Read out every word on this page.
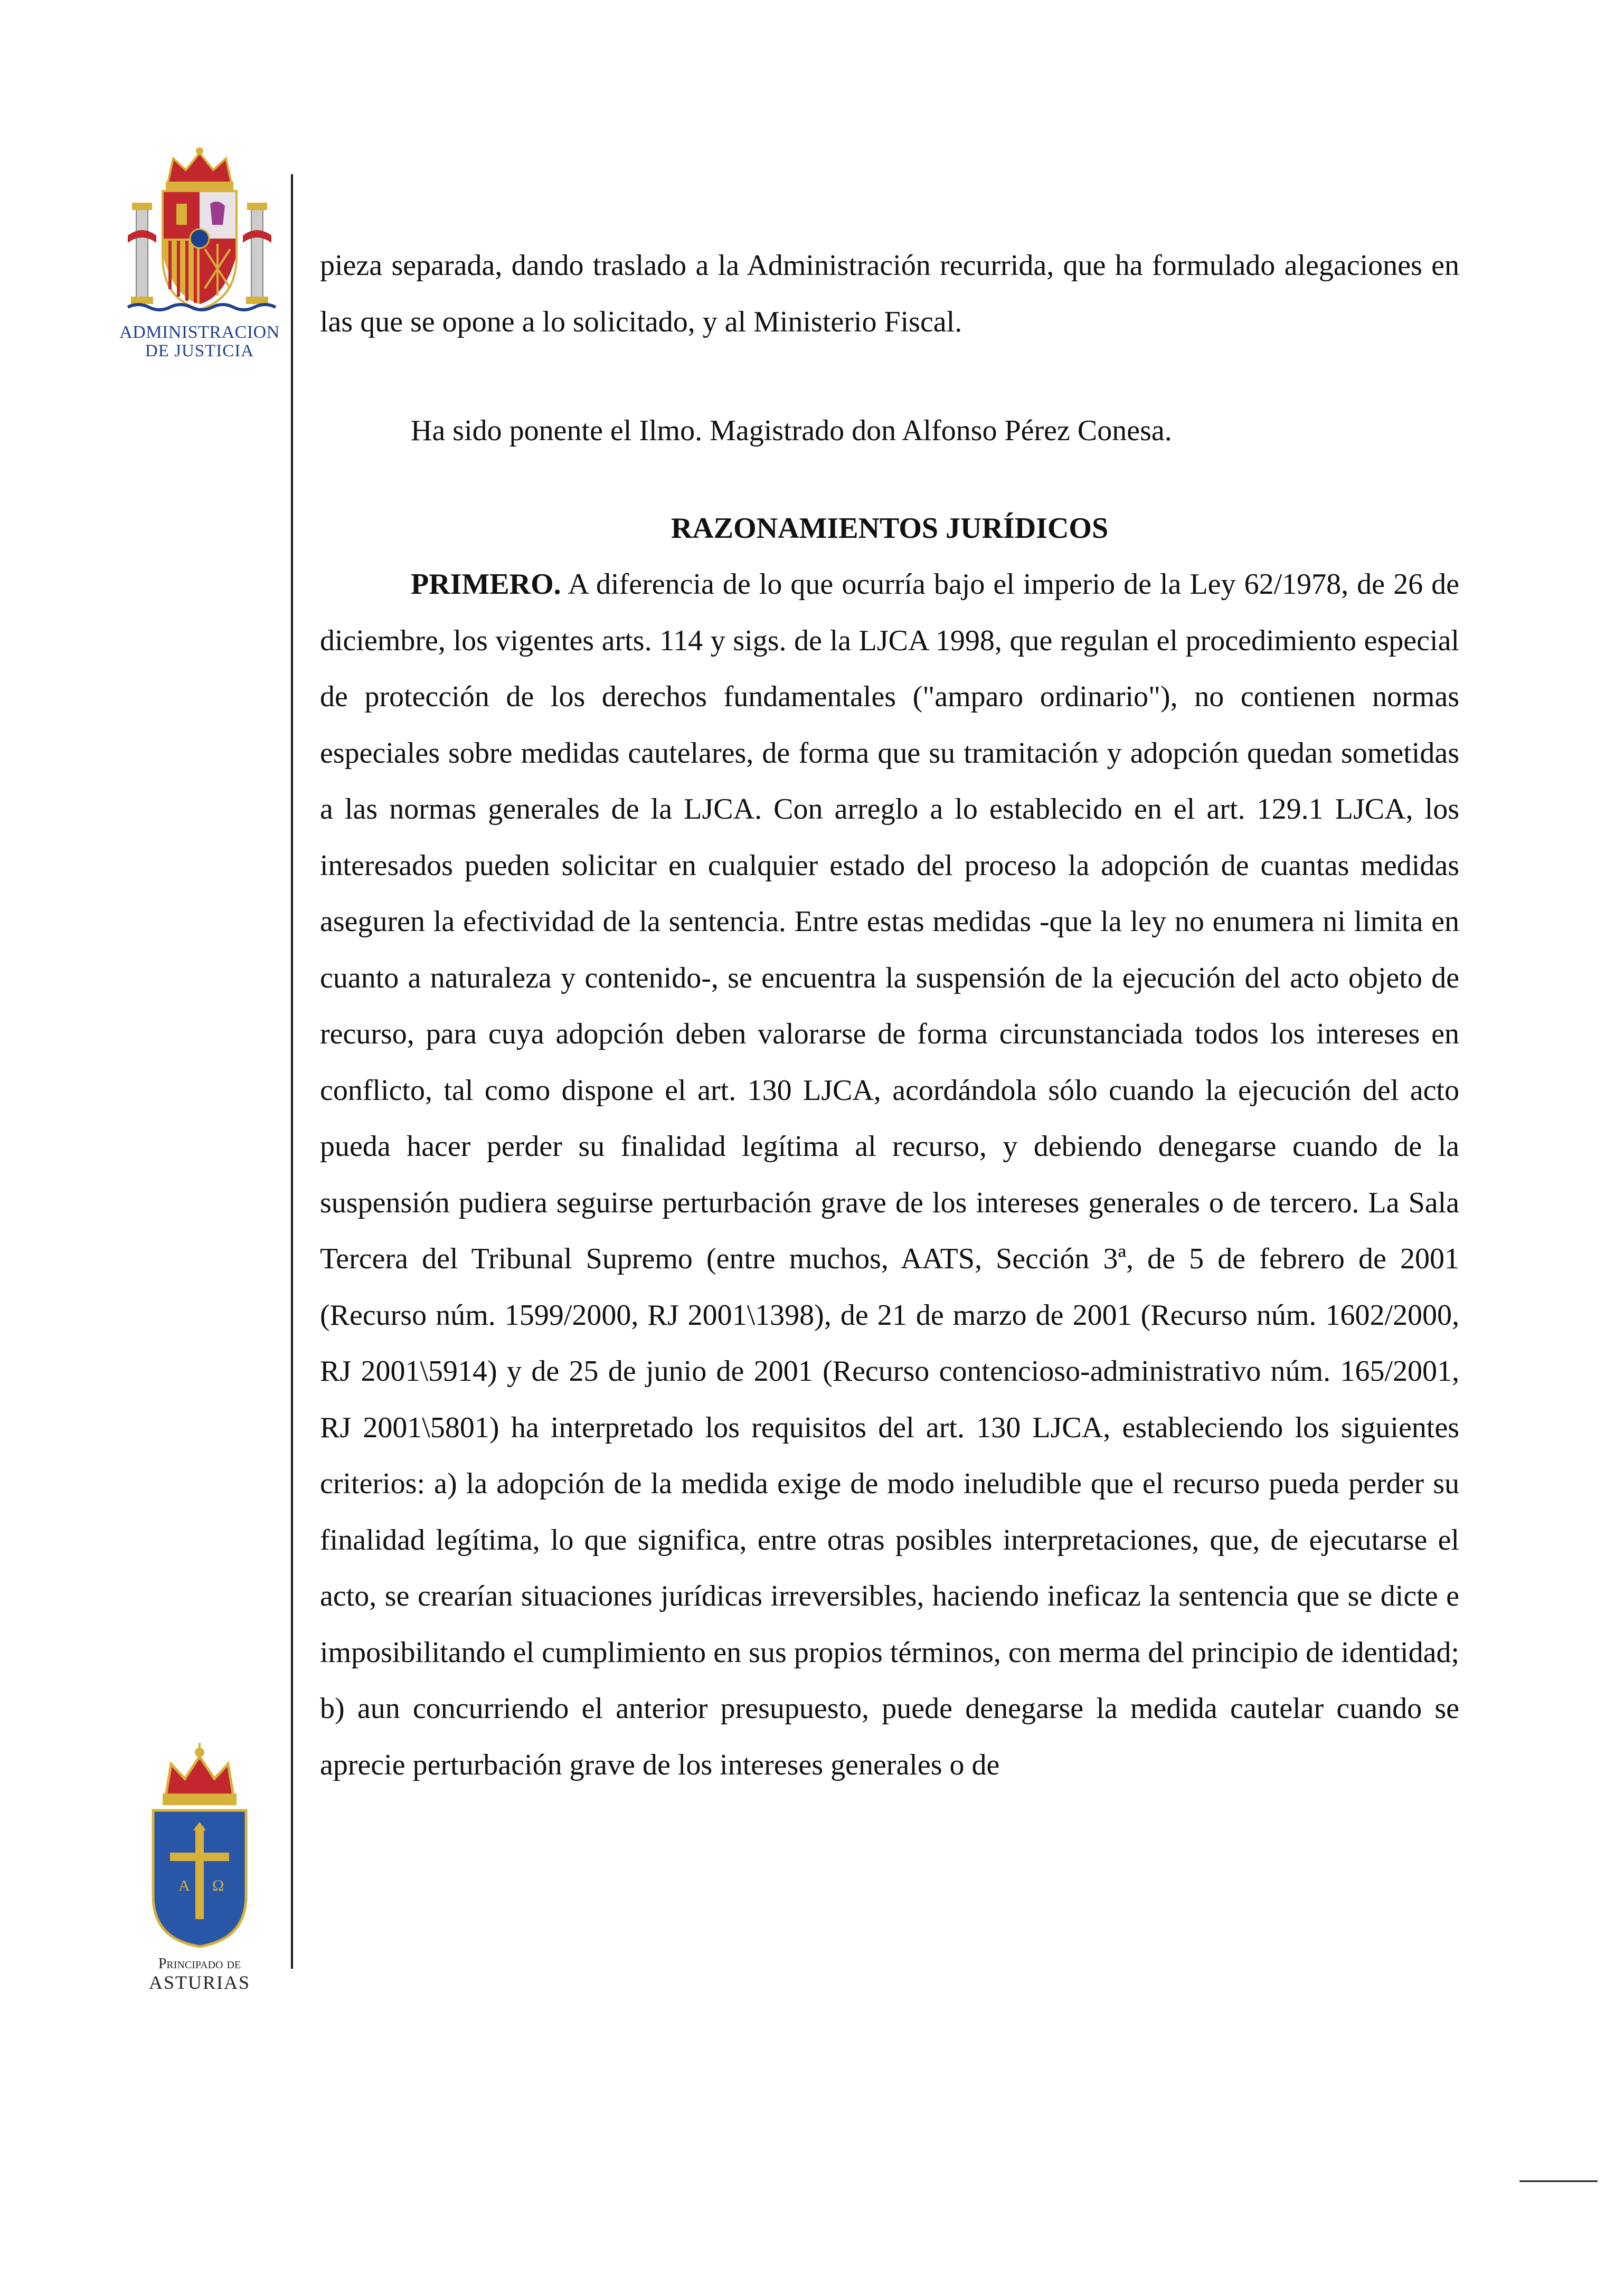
ADMINISTRACION
DE JUSTICIA
A Ω
Principado de
ASTURIAS

pieza separada, dando traslado a la Administración recurrida, que ha formulado alegaciones en las que se opone a lo solicitado, y al Ministerio Fiscal.

Ha sido ponente el Ilmo. Magistrado don Alfonso Pérez Conesa.

RAZONAMIENTOS JURÍDICOS

PRIMERO. A diferencia de lo que ocurría bajo el imperio de la Ley 62/1978, de 26 de diciembre, los vigentes arts. 114 y sigs. de la LJCA 1998, que regulan el procedimiento especial de protección de los derechos fundamentales ("amparo ordinario"), no contienen normas especiales sobre medidas cautelares, de forma que su tramitación y adopción quedan sometidas a las normas generales de la LJCA. Con arreglo a lo establecido en el art. 129.1 LJCA, los interesados pueden solicitar en cualquier estado del proceso la adopción de cuantas medidas aseguren la efectividad de la sentencia. Entre estas medidas -que la ley no enumera ni limita en cuanto a naturaleza y contenido-, se encuentra la suspensión de la ejecución del acto objeto de recurso, para cuya adopción deben valorarse de forma circunstanciada todos los intereses en conflicto, tal como dispone el art. 130 LJCA, acordándola sólo cuando la ejecución del acto pueda hacer perder su finalidad legítima al recurso, y debiendo denegarse cuando de la suspensión pudiera seguirse perturbación grave de los intereses generales o de tercero. La Sala Tercera del Tribunal Supremo (entre muchos, AATS, Sección 3ª, de 5 de febrero de 2001 (Recurso núm. 1599/2000, RJ 2001\1398), de 21 de marzo de 2001 (Recurso núm. 1602/2000, RJ 2001\5914) y de 25 de junio de 2001 (Recurso contencioso-administrativo núm. 165/2001, RJ 2001\5801) ha interpretado los requisitos del art. 130 LJCA, estableciendo los siguientes criterios: a) la adopción de la medida exige de modo ineludible que el recurso pueda perder su finalidad legítima, lo que significa, entre otras posibles interpretaciones, que, de ejecutarse el acto, se crearían situaciones jurídicas irreversibles, haciendo ineficaz la sentencia que se dicte e imposibilitando el cumplimiento en sus propios términos, con merma del principio de identidad; b) aun concurriendo el anterior presupuesto, puede denegarse la medida cautelar cuando se aprecie perturbación grave de los intereses generales o de
